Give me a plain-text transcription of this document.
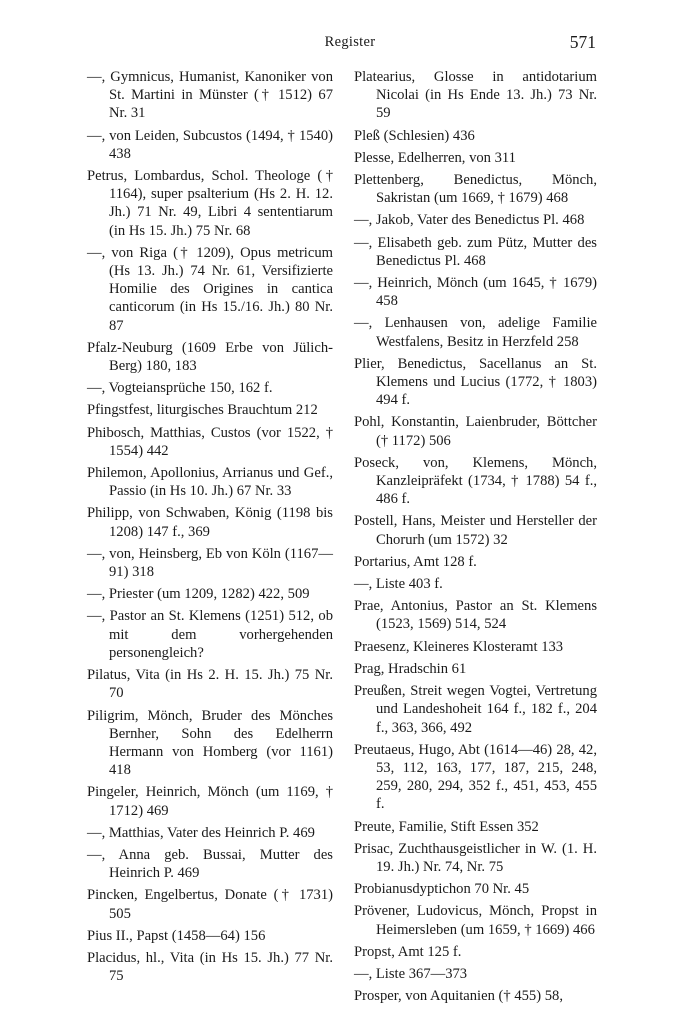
Register	571

—, Gymnicus, Humanist, Kanoniker von St. Martini in Münster († 1512) 67 Nr. 31

—, von Leiden, Subcustos (1494, † 1540) 438

Petrus, Lombardus, Schol. Theologe († 1164), super psalterium (Hs 2. H. 12. Jh.) 71 Nr. 49, Libri 4 sententiarum (in Hs 15. Jh.) 75 Nr. 68

—, von Riga († 1209), Opus metricum (Hs 13. Jh.) 74 Nr. 61, Versifizierte Homilie des Origines in cantica canticorum (in Hs 15./16. Jh.) 80 Nr. 87

Pfalz-Neuburg (1609 Erbe von Jülich-Berg) 180, 183

—, Vogteiansprüche 150, 162 f.

Pfingstfest, liturgisches Brauchtum 212

Phibosch, Matthias, Custos (vor 1522, † 1554) 442

Philemon, Apollonius, Arrianus und Gef., Passio (in Hs 10. Jh.) 67 Nr. 33

Philipp, von Schwaben, König (1198 bis 1208) 147 f., 369

—, von, Heinsberg, Eb von Köln (1167—91) 318

—, Priester (um 1209, 1282) 422, 509

—, Pastor an St. Klemens (1251) 512, ob mit dem vorhergehenden personengleich?

Pilatus, Vita (in Hs 2. H. 15. Jh.) 75 Nr. 70

Piligrim, Mönch, Bruder des Mönches Bernher, Sohn des Edelherrn Hermann von Homberg (vor 1161) 418

Pingeler, Heinrich, Mönch (um 1169, † 1712) 469

—, Matthias, Vater des Heinrich P. 469

—, Anna geb. Bussai, Mutter des Heinrich P. 469

Pincken, Engelbertus, Donate († 1731) 505

Pius II., Papst (1458—64) 156

Placidus, hl., Vita (in Hs 15. Jh.) 77 Nr. 75

Platearius, Glosse in antidotarium Nicolai (in Hs Ende 13. Jh.) 73 Nr. 59

Pleß (Schlesien) 436

Plesse, Edelherren, von 311

Plettenberg, Benedictus, Mönch, Sakristan (um 1669, † 1679) 468

—, Jakob, Vater des Benedictus Pl. 468

—, Elisabeth geb. zum Pütz, Mutter des Benedictus Pl. 468

—, Heinrich, Mönch (um 1645, † 1679) 458

—, Lenhausen von, adelige Familie Westfalens, Besitz in Herzfeld 258

Plier, Benedictus, Sacellanus an St. Klemens und Lucius (1772, † 1803) 494 f.

Pohl, Konstantin, Laienbruder, Böttcher († 1172) 506

Poseck, von, Klemens, Mönch, Kanzleipräfekt (1734, † 1788) 54 f., 486 f.

Postell, Hans, Meister und Hersteller der Chorurh (um 1572) 32

Portarius, Amt 128 f.

—, Liste 403 f.

Prae, Antonius, Pastor an St. Klemens (1523, 1569) 514, 524

Praesenz, Kleineres Klosteramt 133

Prag, Hradschin 61

Preußen, Streit wegen Vogtei, Vertretung und Landeshoheit 164 f., 182 f., 204 f., 363, 366, 492

Preutaeus, Hugo, Abt (1614—46) 28, 42, 53, 112, 163, 177, 187, 215, 248, 259, 280, 294, 352 f., 451, 453, 455 f.

Preute, Familie, Stift Essen 352

Prisac, Zuchthausgeistlicher in W. (1. H. 19. Jh.) Nr. 74, Nr. 75

Probianusdyptichon 70 Nr. 45

Prövener, Ludovicus, Mönch, Propst in Heimersleben (um 1659, † 1669) 466

Propst, Amt 125 f.

—, Liste 367—373

Prosper, von Aquitanien († 455) 58,
